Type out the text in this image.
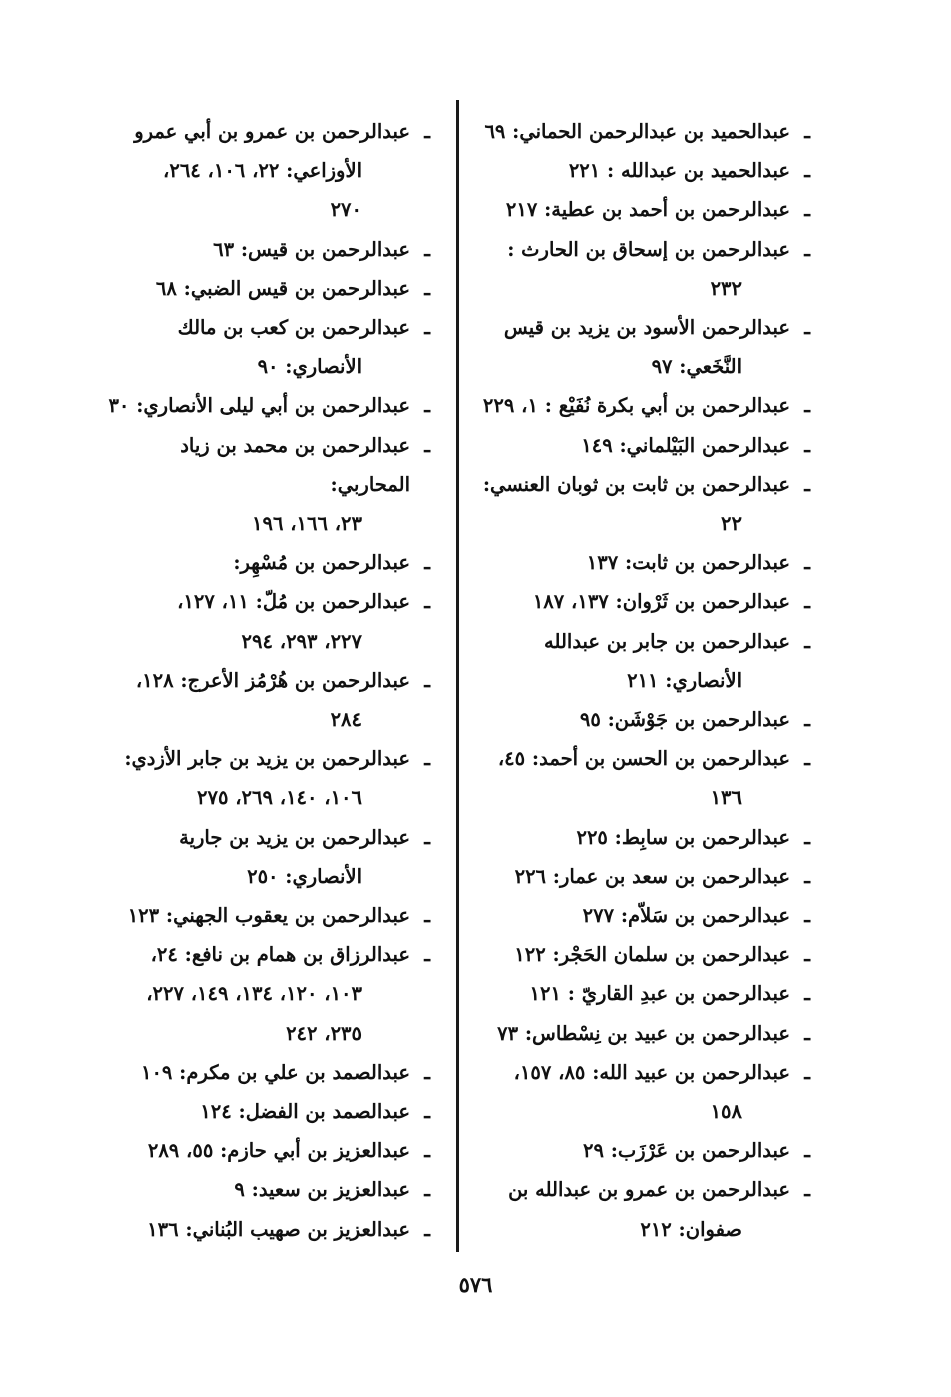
ـ
عبدالحميد بن عبدالرحمن الحماني: ٦٩
ـ
عبدالحميد بن عبدالله : ٢٢١
ـ
عبدالرحمن بن أحمد بن عطية: ٢١٧
ـ
عبدالرحمن بن إسحاق بن الحارث :
٢٣٢
ـ
عبدالرحمن الأسود بن يزيد بن قيس
النَّخَعي: ٩٧
ـ
عبدالرحمن بن أبي بكرة نُفَيْع : ١، ٢٢٩
ـ
عبدالرحمن البَيْلماني: ١٤٩
ـ
عبدالرحمن بن ثابت بن ثوبان العنسي:
٢٢
ـ
عبدالرحمن بن ثابت: ١٣٧
ـ
عبدالرحمن بن ثَرْوان: ١٣٧، ١٨٧
ـ
عبدالرحمن بن جابر بن عبدالله
الأنصاري: ٢١١
ـ
عبدالرحمن بن جَوْشَن: ٩٥
ـ
عبدالرحمن بن الحسن بن أحمد: ٤٥،
١٣٦
ـ
عبدالرحمن بن سابِط: ٢٢٥
ـ
عبدالرحمن بن سعد بن عمار: ٢٢٦
ـ
عبدالرحمن بن سَلاّم: ٢٧٧
ـ
عبدالرحمن بن سلمان الحَجْر: ١٢٢
ـ
عبدالرحمن بن عبدِ القاريّ : ١٢١
ـ
عبدالرحمن بن عبيد بن نِسْطاس: ٧٣
ـ
عبدالرحمن بن عبيد الله: ٨٥، ١٥٧،
١٥٨
ـ
عبدالرحمن بن عَرْزَب: ٢٩
ـ
عبدالرحمن بن عمرو بن عبدالله بن
صفوان: ٢١٢
ـ
عبدالرحمن بن عمرو بن أبي عمرو
الأوزاعي: ٢٢، ١٠٦، ٢٦٤،
٢٧٠
ـ
عبدالرحمن بن قيس: ٦٣
ـ
عبدالرحمن بن قيس الضبي: ٦٨
ـ
عبدالرحمن بن كعب بن مالك
الأنصاري: ٩٠
ـ
عبدالرحمن بن أبي ليلى الأنصاري: ٣٠
ـ
عبدالرحمن بن محمد بن زياد المحاربي:
٢٣، ١٦٦، ١٩٦
ـ
عبدالرحمن بن مُسْهِر:
ـ
عبدالرحمن بن مُلّ: ١١، ١٢٧،
٢٢٧، ٢٩٣، ٢٩٤
ـ
عبدالرحمن بن هُرْمُز الأعرج: ١٢٨،
٢٨٤
ـ
عبدالرحمن بن يزيد بن جابر الأزدي:
١٠٦، ١٤٠، ٢٦٩، ٢٧٥
ـ
عبدالرحمن بن يزيد بن جارية
الأنصاري: ٢٥٠
ـ
عبدالرحمن بن يعقوب الجهني: ١٢٣
ـ
عبدالرزاق بن همام بن نافع: ٢٤،
١٠٣، ١٢٠، ١٣٤، ١٤٩، ٢٢٧،
٢٣٥، ٢٤٢
ـ
عبدالصمد بن علي بن مكرم: ١٠٩
ـ
عبدالصمد بن الفضل: ١٢٤
ـ
عبدالعزيز بن أبي حازم: ٥٥، ٢٨٩
ـ
عبدالعزيز بن سعيد: ٩
ـ
عبدالعزيز بن صهيب البُناني: ١٣٦
٥٧٦
